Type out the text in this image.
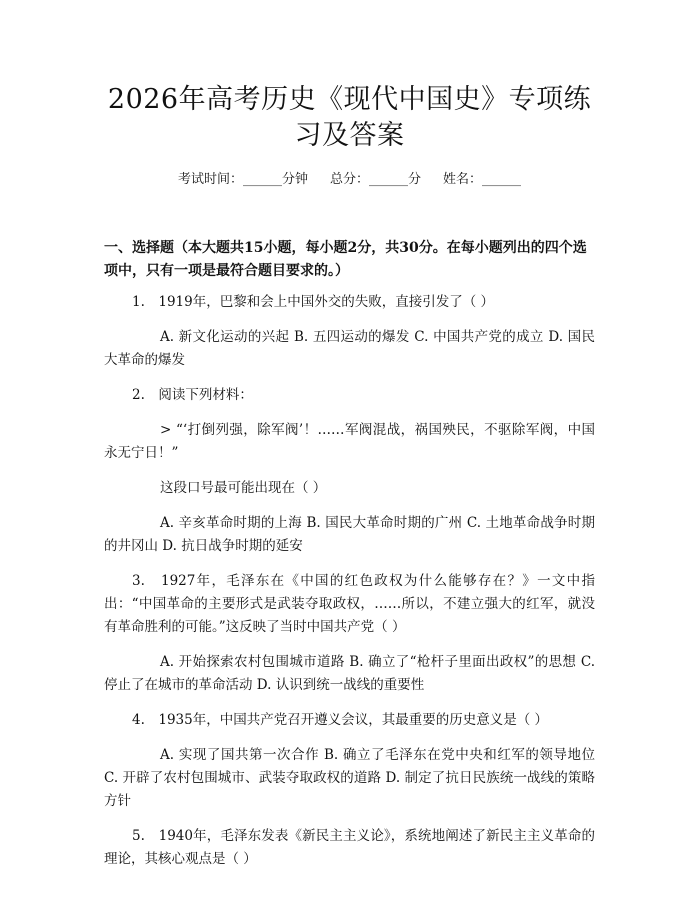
2026年高考历史《现代中国史》专项练习及答案
考试时间：______分钟 总分：______分 姓名：______
一、选择题（本大题共15小题，每小题2分，共30分。在每小题列出的四个选项中，只有一项是最符合题目要求的。）
1.　1919年，巴黎和会上中国外交的失败，直接引发了（ ）
A. 新文化运动的兴起 B. 五四运动的爆发 C. 中国共产党的成立 D. 国民大革命的爆发
2.　阅读下列材料：
> “‘打倒列强，除军阀’！……军阀混战，祸国殃民，不驱除军阀，中国永无宁日！”
这段口号最可能出现在（ ）
A. 辛亥革命时期的上海 B. 国民大革命时期的广州 C. 土地革命战争时期的井冈山 D. 抗日战争时期的延安
3.　1927年，毛泽东在《中国的红色政权为什么能够存在？》一文中指出：“中国革命的主要形式是武装夺取政权，……所以，不建立强大的红军，就没有革命胜利的可能。”这反映了当时中国共产党（ ）
A. 开始探索农村包围城市道路 B. 确立了“枪杆子里面出政权”的思想 C. 停止了在城市的革命活动 D. 认识到统一战线的重要性
4.　1935年，中国共产党召开遵义会议，其最重要的历史意义是（ ）
A. 实现了国共第一次合作 B. 确立了毛泽东在党中央和红军的领导地位 C. 开辟了农村包围城市、武装夺取政权的道路 D. 制定了抗日民族统一战线的策略方针
5.　1940年，毛泽东发表《新民主主义论》，系统地阐述了新民主主义革命的理论，其核心观点是（ ）
